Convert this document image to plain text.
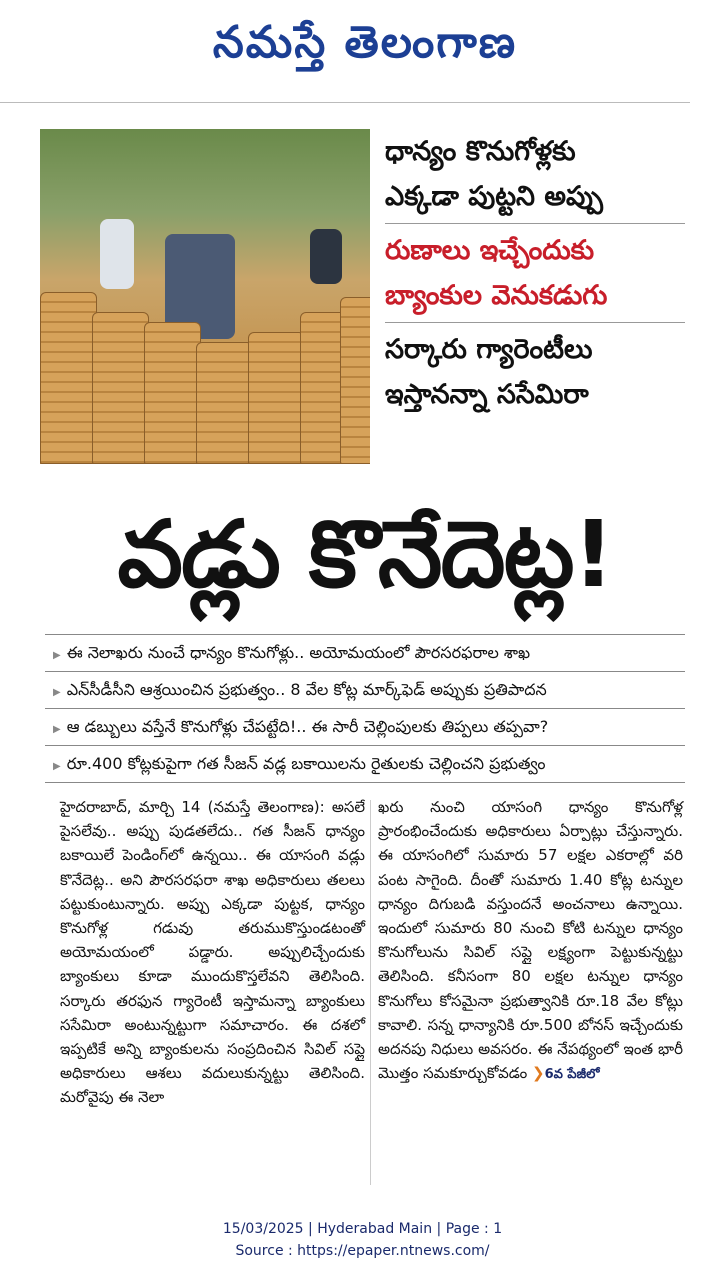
నమస్తే తెలంగాణ
ధాన్యం కొనుగోళ్లకు
ఎక్కడా పుట్టని అప్పు
రుణాలు ఇచ్చేందుకు
బ్యాంకుల వెనుకడుగు
సర్కారు గ్యారెంటీలు
ఇస్తానన్నా ససేమిరా
వడ్లు కొనేదెట్ల!
▶ ఈ నెలాఖరు నుంచే ధాన్యం కొనుగోళ్లు.. అయోమయంలో పౌరసరఫరాల శాఖ
▶ ఎన్‌సీడీసీని ఆశ్రయించిన ప్రభుత్వం.. 8 వేల కోట్ల మార్క్‌ఫెడ్ అప్పుకు ప్రతిపాదన
▶ ఆ డబ్బులు వస్తేనే కొనుగోళ్లు చేపట్టేది!.. ఈ సారీ చెల్లింపులకు తిప్పలు తప్పవా?
▶ రూ.400 కోట్లకుపైగా గత సీజన్ వడ్ల బకాయిలను రైతులకు చెల్లించని ప్రభుత్వం

హైదరాబాద్, మార్చి 14 (నమస్తే తెలంగాణ): అసలే పైసలేవు.. అప్పు పుడతలేదు.. గత సీజన్ ధాన్యం బకాయిలే పెండింగ్‌లో ఉన్నయి.. ఈ యాసంగి వడ్లు కొనేదెట్ల.. అని పౌరసరఫరా శాఖ అధికారులు తలలు పట్టుకుంటున్నారు. అప్పు ఎక్కడా పుట్టక, ధాన్యం కొనుగోళ్ల గడువు తరుముకొస్తుండటంతో అయోమయంలో పడ్డారు. అప్పులిచ్చేందుకు బ్యాంకులు కూడా ముందుకొస్తలేవని తెలిసింది. సర్కారు తరఫున గ్యారెంటీ ఇస్తామన్నా బ్యాంకులు ససేమిరా అంటున్నట్టుగా సమాచారం. ఈ దశలో ఇప్పటికే అన్ని బ్యాంకులను సంప్రదించిన సివిల్ సప్లై అధికారులు ఆశలు వదులుకున్నట్టు తెలిసింది. మరోవైపు ఈ నెలా

ఖరు నుంచి యాసంగి ధాన్యం కొనుగోళ్ల ప్రారంభించేందుకు అధికారులు ఏర్పాట్లు చేస్తున్నారు. ఈ యాసంగిలో సుమారు 57 లక్షల ఎకరాల్లో వరి పంట సాగైంది. దీంతో సుమారు 1.40 కోట్ల టన్నుల ధాన్యం దిగుబడి వస్తుందనే అంచనాలు ఉన్నాయి. ఇందులో సుమారు 80 నుంచి కోటి టన్నుల ధాన్యం కొనుగోలును సివిల్ సప్లై లక్ష్యంగా పెట్టుకున్నట్టు తెలిసింది. కనీసంగా 80 లక్షల టన్నుల ధాన్యం కొనుగోలు కోసమైనా ప్రభుత్వానికి రూ.18 వేల కోట్లు కావాలి. సన్న ధాన్యానికి రూ.500 బోనస్ ఇచ్చేందుకు అదనపు నిధులు అవసరం. ఈ నేపథ్యంలో ఇంత భారీ మొత్తం సమకూర్చుకోవడం ❯6వ పేజీలో

15/03/2025 | Hyderabad Main | Page : 1
Source : https://epaper.ntnews.com/
